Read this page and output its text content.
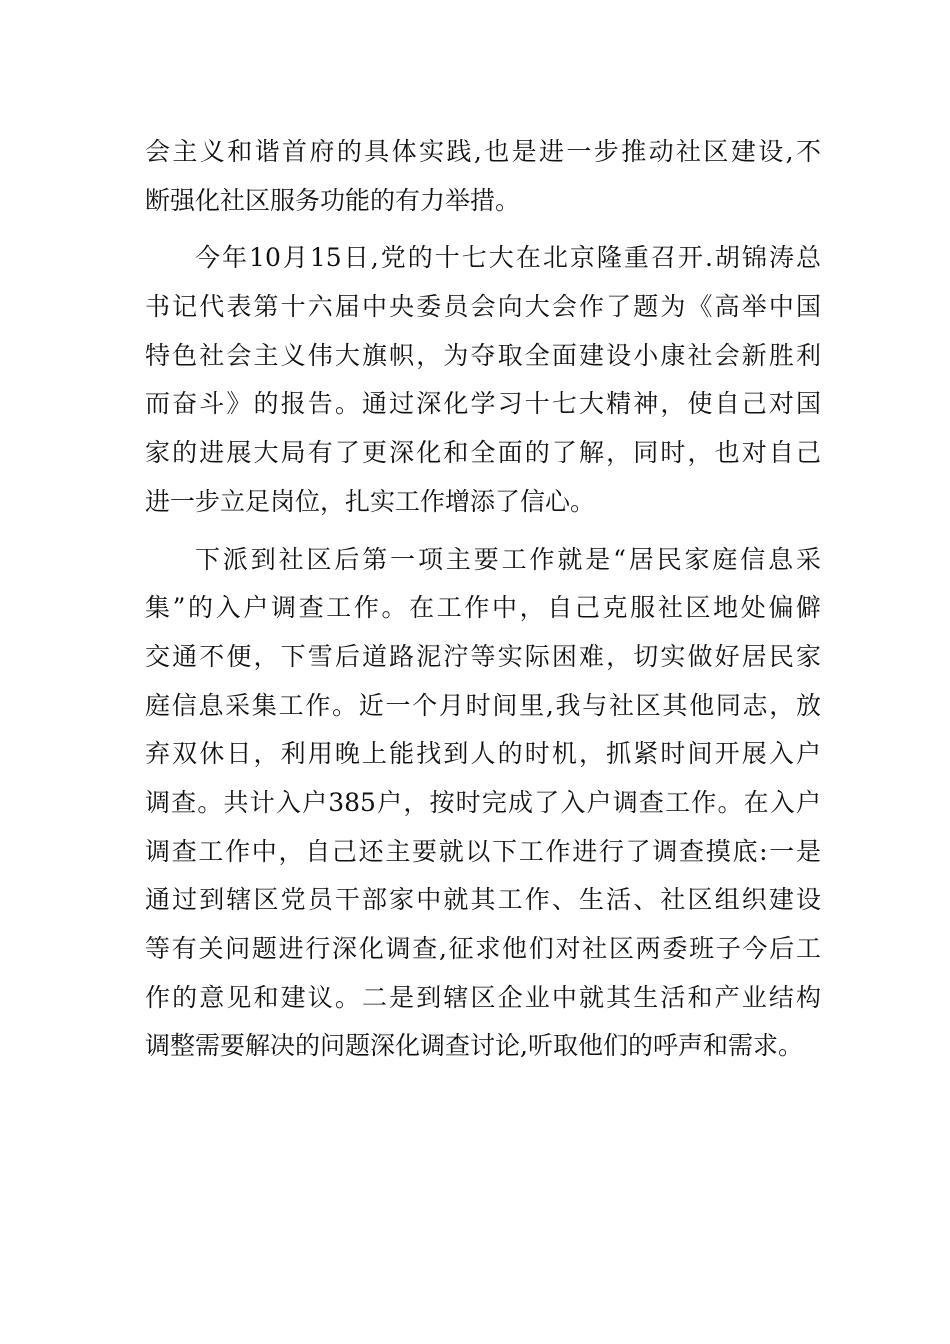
会主义和谐首府的具体实践,也是进一步推动社区建设,不
断强化社区服务功能的有力举措。
今年10月15日,党的十七大在北京隆重召开.胡锦涛总
书记代表第十六届中央委员会向大会作了题为《高举中国
特色社会主义伟大旗帜，为夺取全面建设小康社会新胜利
而奋斗》的报告。通过深化学习十七大精神，使自己对国
家的进展大局有了更深化和全面的了解，同时，也对自己
进一步立足岗位，扎实工作增添了信心。
下派到社区后第一项主要工作就是“居民家庭信息采
集”的入户调查工作。在工作中，自己克服社区地处偏僻
交通不便，下雪后道路泥泞等实际困难，切实做好居民家
庭信息采集工作。近一个月时间里,我与社区其他同志，放
弃双休日，利用晚上能找到人的时机，抓紧时间开展入户
调查。共计入户385户，按时完成了入户调查工作。在入户
调查工作中，自己还主要就以下工作进行了调查摸底:一是
通过到辖区党员干部家中就其工作、生活、社区组织建设
等有关问题进行深化调查,征求他们对社区两委班子今后工
作的意见和建议。二是到辖区企业中就其生活和产业结构
调整需要解决的问题深化调查讨论,听取他们的呼声和需求。
